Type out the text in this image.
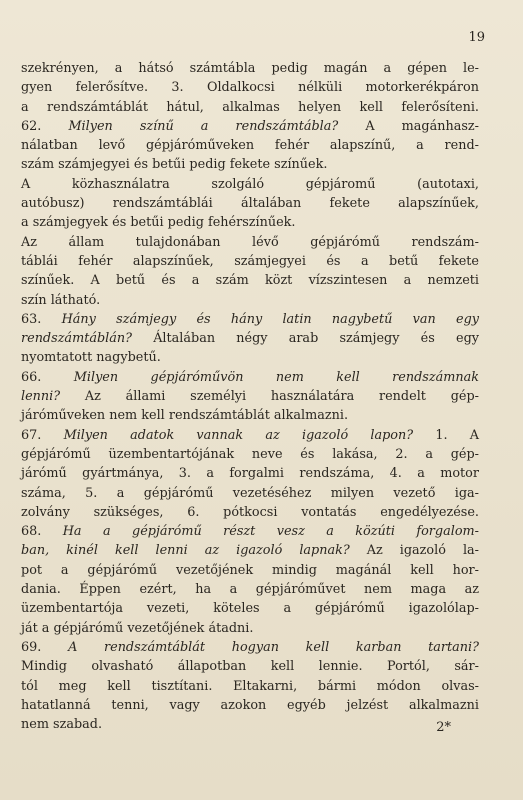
19
szekrényen, a hátsó számtábla pedig magán a gépen le-
gyen felerősítve. 3. Oldalkocsi nélküli motorkerékpáron
a rendszámtáblát hátul, alkalmas helyen kell felerősíteni.
62. Milyen színű a rendszámtábla? A magánhasz-
nálatban levő gépjáróműveken fehér alapszínű, a rend-
szám számjegyei és betűi pedig fekete színűek.
A közhasználatra szolgáló gépjáromű (autotaxi,
autóbusz) rendszámtáblái általában fekete alapszínűek,
a számjegyek és betűi pedig fehérszínűek.
Az állam tulajdonában lévő gépjárómű rendszám-
táblái fehér alapszínűek, számjegyei és a betű fekete
színűek. A betű és a szám közt vízszintesen a nemzeti
szín látható.
63. Hány számjegy és hány latin nagybetű van egy
rendszámtáblán? Általában négy arab számjegy és egy
nyomtatott nagybetű.
66. Milyen gépjáróművön nem kell rendszámnak
lenni? Az állami személyi használatára rendelt gép-
járóműveken nem kell rendszámtáblát alkalmazni.
67. Milyen adatok vannak az igazoló lapon? 1. A
gépjárómű üzembentartójának neve és lakása, 2. a gép-
járómű gyártmánya, 3. a forgalmi rendszáma, 4. a motor
száma, 5. a gépjárómű vezetéséhez milyen vezető iga-
zolvány szükséges, 6. pótkocsi vontatás engedélyezése.
68. Ha a gépjárómű részt vesz a közúti forgalom-
ban, kinél kell lenni az igazoló lapnak? Az igazoló la-
pot a gépjárómű vezetőjének mindig magánál kell hor-
dania. Éppen ezért, ha a gépjáróművet nem maga az
üzembentartója vezeti, köteles a gépjárómű igazolólap-
ját a gépjárómű vezetőjének átadni.
69. A rendszámtáblát hogyan kell karban tartani?
Mindig olvasható állapotban kell lennie. Portól, sár-
tól meg kell tisztítani. Eltakarni, bármi módon olvas-
hatatlanná tenni, vagy azokon egyéb jelzést alkalmazni
nem szabad.	2*
